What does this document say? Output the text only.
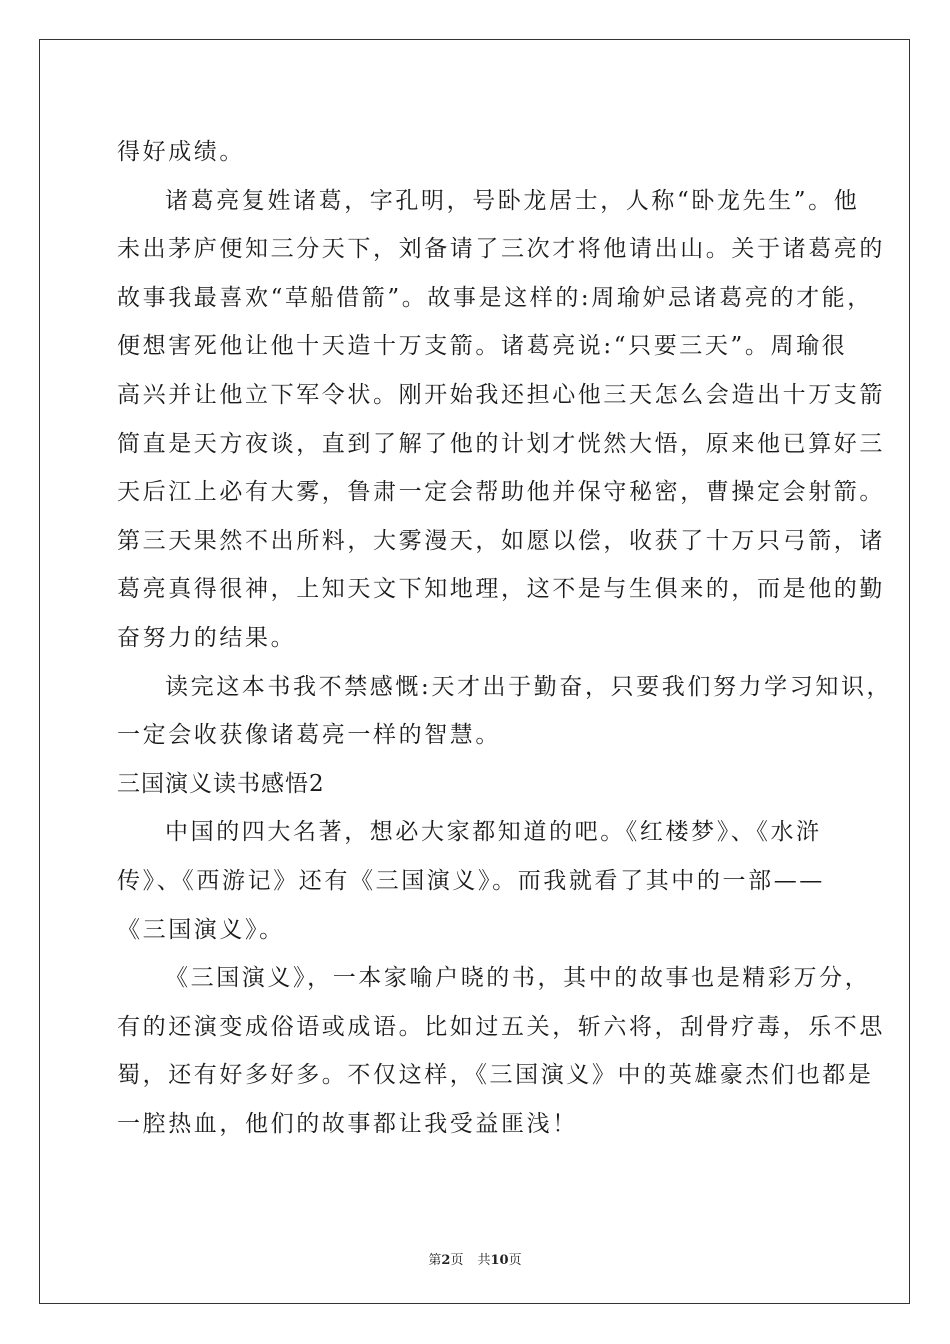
得好成绩。
诸葛亮复姓诸葛，字孔明，号卧龙居士，人称“卧龙先生”。他
未出茅庐便知三分天下，刘备请了三次才将他请出山。关于诸葛亮的
故事我最喜欢“草船借箭”。故事是这样的:周瑜妒忌诸葛亮的才能，
便想害死他让他十天造十万支箭。诸葛亮说:“只要三天”。周瑜很
高兴并让他立下军令状。刚开始我还担心他三天怎么会造出十万支箭
简直是天方夜谈，直到了解了他的计划才恍然大悟，原来他已算好三
天后江上必有大雾，鲁肃一定会帮助他并保守秘密，曹操定会射箭。
第三天果然不出所料，大雾漫天，如愿以偿，收获了十万只弓箭，诸
葛亮真得很神，上知天文下知地理，这不是与生俱来的，而是他的勤
奋努力的结果。
读完这本书我不禁感慨:天才出于勤奋，只要我们努力学习知识，
一定会收获像诸葛亮一样的智慧。
三国演义读书感悟2
中国的四大名著，想必大家都知道的吧。《红楼梦》、《水浒
传》、《西游记》还有《三国演义》。而我就看了其中的一部——
《三国演义》。
《三国演义》，一本家喻户晓的书，其中的故事也是精彩万分，
有的还演变成俗语或成语。比如过五关，斩六将，刮骨疗毒，乐不思
蜀，还有好多好多。不仅这样，《三国演义》中的英雄豪杰们也都是
一腔热血，他们的故事都让我受益匪浅！
第2页 共10页
